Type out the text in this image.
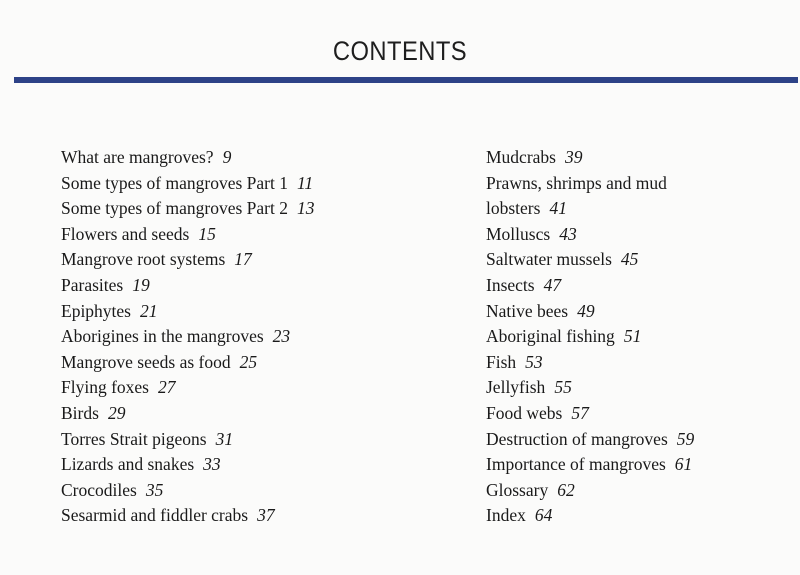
CONTENTS
What are mangroves? 9
Some types of mangroves Part 1 11
Some types of mangroves Part 2 13
Flowers and seeds 15
Mangrove root systems 17
Parasites 19
Epiphytes 21
Aborigines in the mangroves 23
Mangrove seeds as food 25
Flying foxes 27
Birds 29
Torres Strait pigeons 31
Lizards and snakes 33
Crocodiles 35
Sesarmid and fiddler crabs 37
Mudcrabs 39
Prawns, shrimps and mud
lobsters 41
Molluscs 43
Saltwater mussels 45
Insects 47
Native bees 49
Aboriginal fishing 51
Fish 53
Jellyfish 55
Food webs 57
Destruction of mangroves 59
Importance of mangroves 61
Glossary 62
Index 64
